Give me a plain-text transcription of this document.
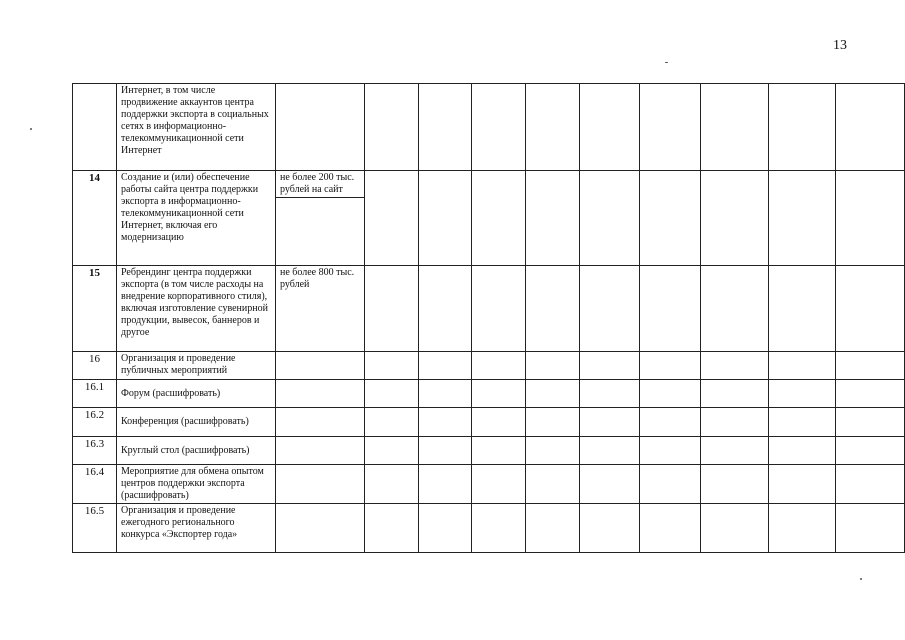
13
	Интернет, в том числе продвижение аккаунтов центра поддержки экспорта в социальных сетях в информационно-телекоммуникационной сети Интернет										
14	Создание и (или) обеспечение работы сайта центра поддержки экспорта в информационно-телекоммуникационной сети Интернет, включая его модернизацию	не более 200 тыс. рублей на сайт									

15	Ребрендинг центра поддержки экспорта (в том числе расходы на внедрение корпоративного стиля), включая изготовление сувенирной продукции, вывесок, баннеров и другое	не более 800 тыс. рублей									
16	Организация и проведение публичных мероприятий										
16.1	Форум (расшифровать)										
16.2	Конференция (расшифровать)										
16.3	Круглый стол (расшифровать)										
16.4	Мероприятие для обмена опытом центров поддержки экспорта (расшифровать)										
16.5	Организация и проведение ежегодного регионального конкурса «Экспортер года»										
